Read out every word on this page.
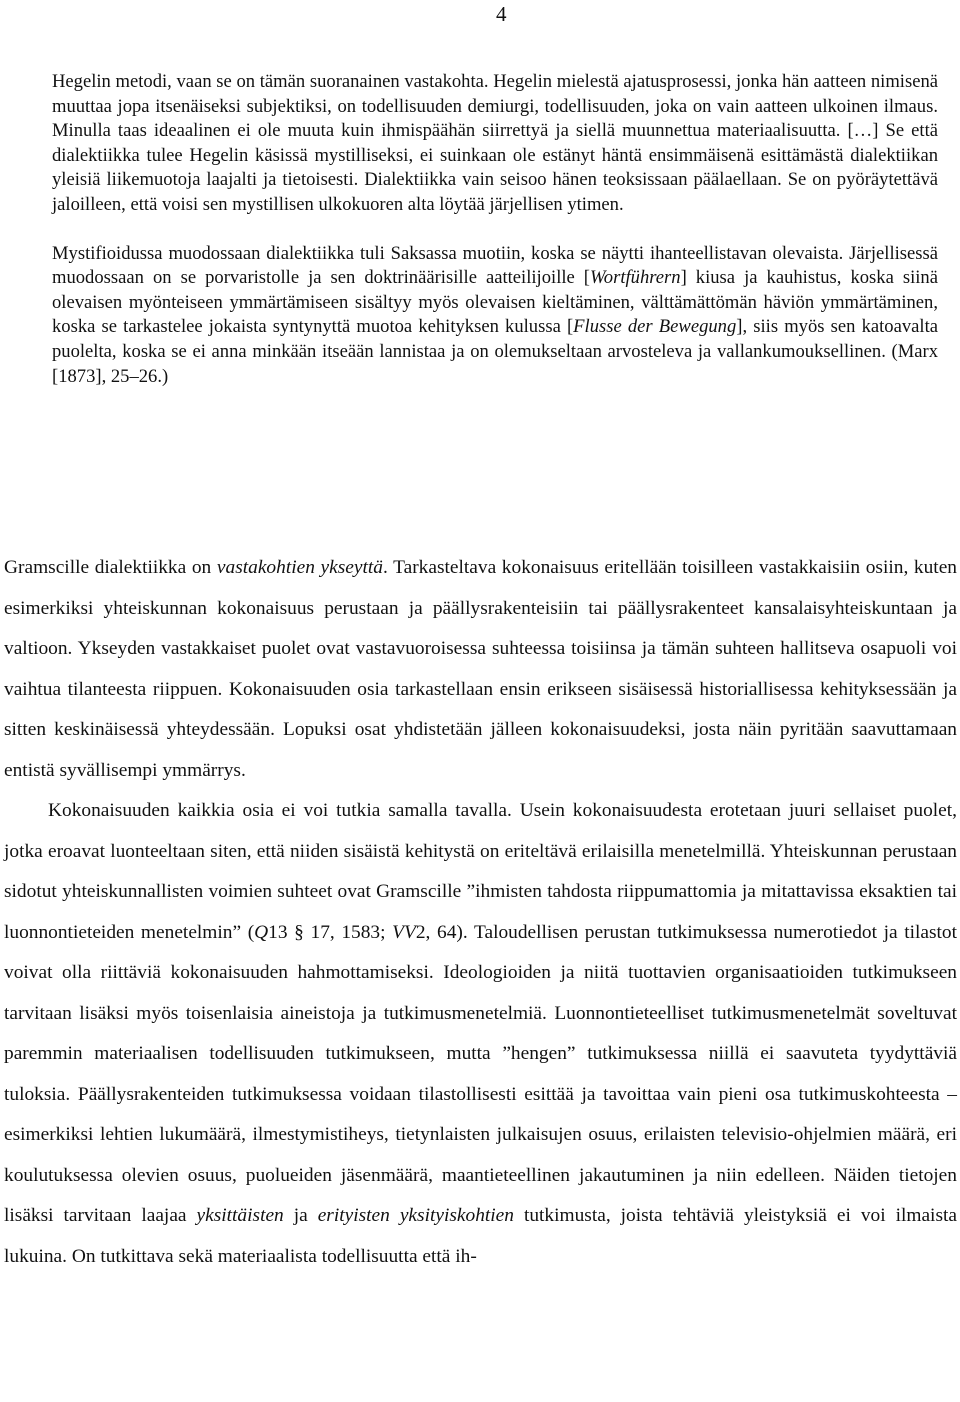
4

Hegelin metodi, vaan se on tämän suoranainen vastakohta. Hegelin mielestä ajatusprosessi, jonka hän aatteen nimisenä muuttaa jopa itsenäiseksi subjektiksi, on todellisuuden demiurgi, todellisuuden, joka on vain aatteen ulkoinen ilmaus. Minulla taas ideaalinen ei ole muuta kuin ihmispäähän siirrettyä ja siellä muunnettua materiaalisuutta. […] Se että dialektiikka tulee Hegelin käsissä mystilliseksi, ei suinkaan ole estänyt häntä ensimmäisenä esittämästä dialektiikan yleisiä liikemuotoja laajalti ja tietoisesti. Dialektiikka vain seisoo hänen teoksissaan päälaellaan. Se on pyöräytettävä jaloilleen, että voisi sen mystillisen ulkokuoren alta löytää järjellisen ytimen.

Mystifioidussa muodossaan dialektiikka tuli Saksassa muotiin, koska se näytti ihanteellistavan olevaista. Järjellisessä muodossaan on se porvaristolle ja sen doktrinäärisille aatteilijoille [Wortführern] kiusa ja kauhistus, koska siinä olevaisen myönteiseen ymmärtämiseen sisältyy myös olevaisen kieltäminen, välttämättömän häviön ymmärtäminen, koska se tarkastelee jokaista syntynyttä muotoa kehityksen kulussa [Flusse der Bewegung], siis myös sen katoavalta puolelta, koska se ei anna minkään itseään lannistaa ja on olemukseltaan arvosteleva ja vallankumouksellinen. (Marx [1873], 25–26.)

Gramscille dialektiikka on vastakohtien ykseyttä. Tarkasteltava kokonaisuus eritellään toisilleen vastakkaisiin osiin, kuten esimerkiksi yhteiskunnan kokonaisuus perustaan ja päällysrakenteisiin tai päällysrakenteet kansalaisyhteiskuntaan ja valtioon. Ykseyden vastakkaiset puolet ovat vastavuoroisessa suhteessa toisiinsa ja tämän suhteen hallitseva osapuoli voi vaihtua tilanteesta riippuen. Kokonaisuuden osia tarkastellaan ensin erikseen sisäisessä historiallisessa kehityksessään ja sitten keskinäisessä yhteydessään. Lopuksi osat yhdistetään jälleen kokonaisuudeksi, josta näin pyritään saavuttamaan entistä syvällisempi ymmärrys.

Kokonaisuuden kaikkia osia ei voi tutkia samalla tavalla. Usein kokonaisuudesta erotetaan juuri sellaiset puolet, jotka eroavat luonteeltaan siten, että niiden sisäistä kehitystä on eriteltävä erilaisilla menetelmillä. Yhteiskunnan perustaan sidotut yhteiskunnallisten voimien suhteet ovat Gramscille ”ihmisten tahdosta riippumattomia ja mitattavissa eksaktien tai luonnontieteiden menetelmin” (Q13 § 17, 1583; VV2, 64). Taloudellisen perustan tutkimuksessa numerotiedot ja tilastot voivat olla riittäviä kokonaisuuden hahmottamiseksi. Ideologioiden ja niitä tuottavien organisaatioiden tutkimukseen tarvitaan lisäksi myös toisenlaisia aineistoja ja tutkimusmenetelmiä. Luonnontieteelliset tutkimusmenetelmät soveltuvat paremmin materiaalisen todellisuuden tutkimukseen, mutta ”hengen” tutkimuksessa niillä ei saavuteta tyydyttäviä tuloksia. Päällysrakenteiden tutkimuksessa voidaan tilastollisesti esittää ja tavoittaa vain pieni osa tutkimuskohteesta – esimerkiksi lehtien lukumäärä, ilmestymistiheys, tietynlaisten julkaisujen osuus, erilaisten televisio-ohjelmien määrä, eri koulutuksessa olevien osuus, puolueiden jäsenmäärä, maantieteellinen jakautuminen ja niin edelleen. Näiden tietojen lisäksi tarvitaan laajaa yksittäisten ja erityisten yksityiskohtien tutkimusta, joista tehtäviä yleistyksiä ei voi ilmaista lukuina. On tutkittava sekä materiaalista todellisuutta että ih-
